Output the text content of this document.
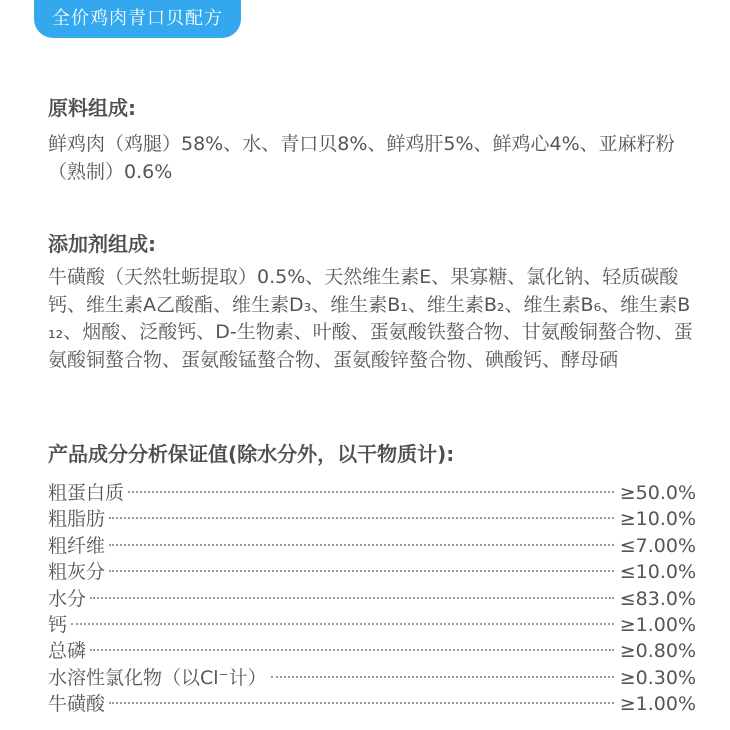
全价鸡肉青口贝配方

原料组成:

鲜鸡肉（鸡腿）58%、水、青口贝8%、鲜鸡肝5%、鲜鸡心4%、亚麻籽粉（熟制）0.6%

添加剂组成:

牛磺酸（天然牡蛎提取）0.5%、天然维生素E、果寡糖、氯化钠、轻质碳酸钙、维生素A乙酸酯、维生素D₃、维生素B₁、维生素B₂、维生素B₆、维生素B₁₂、烟酸、泛酸钙、D-生物素、叶酸、蛋氨酸铁螯合物、甘氨酸铜螯合物、蛋氨酸铜螯合物、蛋氨酸锰螯合物、蛋氨酸锌螯合物、碘酸钙、酵母硒

产品成分分析保证值(除水分外，以干物质计):

粗蛋白质	≥50.0%
粗脂肪	≥10.0%
粗纤维	≤7.00%
粗灰分	≤10.0%
水分	≤83.0%
钙	≥1.00%
总磷	≥0.80%
水溶性氯化物（以Cl⁻计）	≥0.30%
牛磺酸	≥1.00%
